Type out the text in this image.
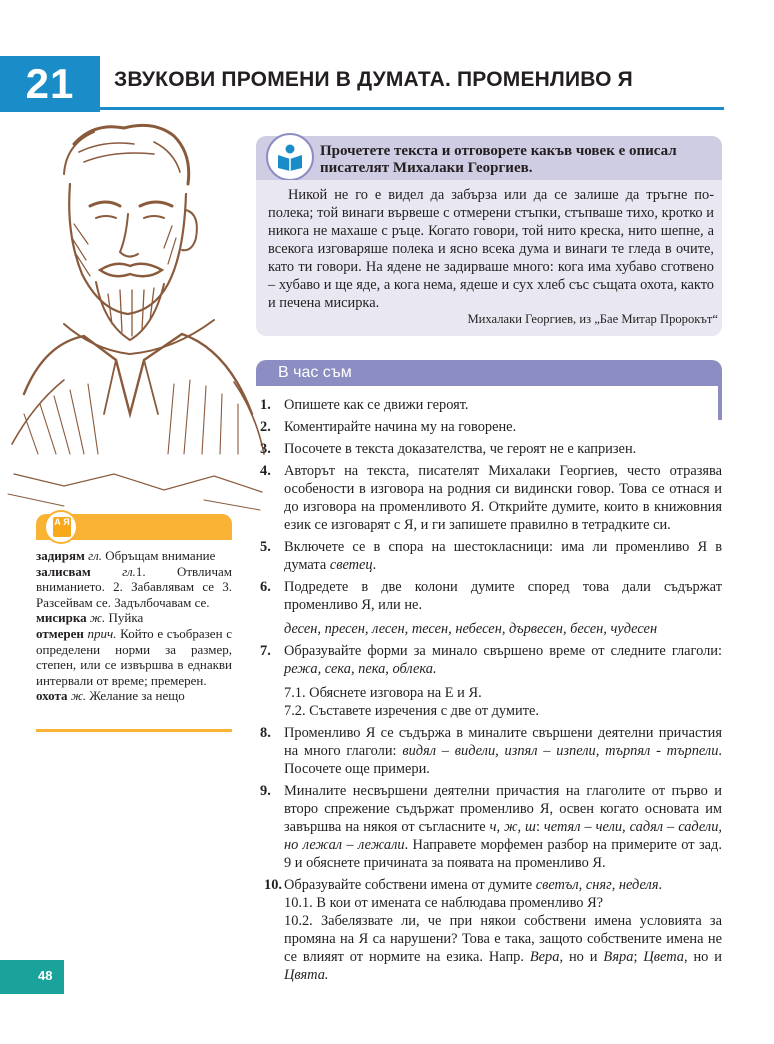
21	ЗВУКОВИ ПРОМЕНИ В ДУМАТА. ПРОМЕНЛИВО Я
Прочетете текста и отговорете какъв човек е описал писателят Михалаки Георгиев.
Никой не го е видел да забърза или да се залише да тръгне по-полека; той винаги вървеше с отмерени стъпки, стъпваше тихо, кротко и никога не махаше с ръце. Когато говори, той нито креска, нито шепне, а всекога изговаряше полека и ясно всека дума и винаги те гледа в очите, като ти говори. На ядене не задирваше много: кога има хубаво сготвено – хубаво и ще яде, а кога нема, ядеше и сух хлеб със същата охота, както и печена мисирка.
Михалаки Георгиев, из „Бае Митар Пророкът“
В час съм
1. Опишете как се движи героят.
2. Коментирайте начина му на говорене.
3. Посочете в текста доказателства, че героят не е капризен.
4. Авторът на текста, писателят Михалаки Георгиев, често отразява особености в изговора на родния си видински говор. Това се отнася и до изговора на променливото Я. Открийте думите, които в книжовния език се изговарят с Я, и ги запишете правилно в тетрадките си.
5. Включете се в спора на шестокласници: има ли променливо Я в думата светец.
6. Подредете в две колони думите според това дали съдържат променливо Я, или не.
десен, пресен, лесен, тесен, небесен, дървесен, бесен, чудесен
7. Образувайте форми за минало свършено време от следните глаголи: режа, сека, пека, облека.
7.1. Обяснете изговора на Е и Я.
7.2. Съставете изречения с две от думите.
8. Променливо Я се съдържа в миналите свършени деятелни причастия на много глаголи: видял – видели, изпял – изпели, търпял - търпели. Посочете още примери.
9. Миналите несвършени деятелни причастия на глаголите от първо и второ спрежение съдържат променливо Я, освен когато основата им завършва на някоя от съгласните ч, ж, ш: четял – чели, садял – садели, но лежал – лежали. Направете морфемен разбор на примерите от зад. 9 и обяснете причината за появата на променливо Я.
10. Образувайте собствени имена от думите светъл, сняг, неделя.
10.1. В кои от имената се наблюдава променливо Я?
10.2. Забелязвате ли, че при някои собствени имена условията за промяна на Я са нарушени? Това е така, защото собствените имена не се влияят от нормите на езика. Напр. Вера, но и Вяра; Цвета, но и Цвята.
А Я
задирям гл. Обръщам внимание
залисвам гл.1. Отвличам вниманието. 2. Забавлявам се 3. Разсейвам се. Задълбочавам се.
мисирка ж. Пуйка
отмерен прич. Който е съобразен с определени норми за размер, степен, или се извършва в еднакви интервали от време; премерен.
охота ж. Желание за нещо
48
